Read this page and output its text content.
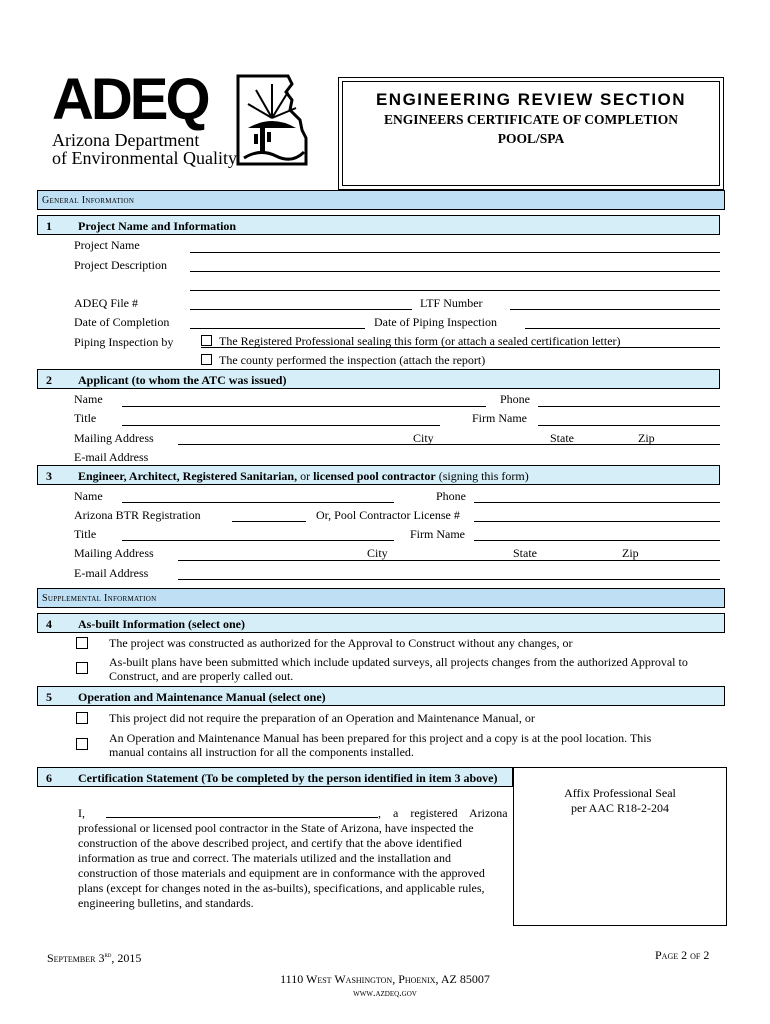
ADEQ
Arizona Department
of Environmental Quality
ENGINEERING REVIEW SECTION
ENGINEERS CERTIFICATE OF COMPLETION
POOL/SPA
General Information
1 Project Name and Information
Project Name
Project Description
ADEQ File #	LTF Number
Date of Completion	Date of Piping Inspection
Piping Inspection by	The Registered Professional sealing this form (or attach a sealed certification letter)
The county performed the inspection (attach the report)
2 Applicant (to whom the ATC was issued)
Name	Phone
Title	Firm Name
Mailing Address	City	State	Zip
E-mail Address
3 Engineer, Architect, Registered Sanitarian, or licensed pool contractor (signing this form)
Name	Phone
Arizona BTR Registration	Or, Pool Contractor License #
Title	Firm Name
Mailing Address	City	State	Zip
E-mail Address
Supplemental Information
4 As-built Information (select one)
The project was constructed as authorized for the Approval to Construct without any changes, or
As-built plans have been submitted which include updated surveys, all projects changes from the authorized Approval to
Construct, and are properly called out.
5 Operation and Maintenance Manual (select one)
This project did not require the preparation of an Operation and Maintenance Manual, or
An Operation and Maintenance Manual has been prepared for this project and a copy is at the pool location. This
manual contains all instruction for all the components installed.
6 Certification Statement (To be completed by the person identified in item 3 above)
Affix Professional Seal
per AAC R18-2-204
I,	,    a    registered    Arizona
professional or licensed pool contractor in the State of Arizona, have inspected the
construction of the above described project, and certify that the above identified
information as true and correct. The materials utilized and the installation and
construction of those materials and equipment are in conformance with the approved
plans (except for changes noted in the as-builts), specifications, and applicable rules,
engineering bulletins, and standards.
September 3rd, 2015	Page 2 of 2
1110 West Washington, Phoenix, AZ 85007
www.azdeq.gov
